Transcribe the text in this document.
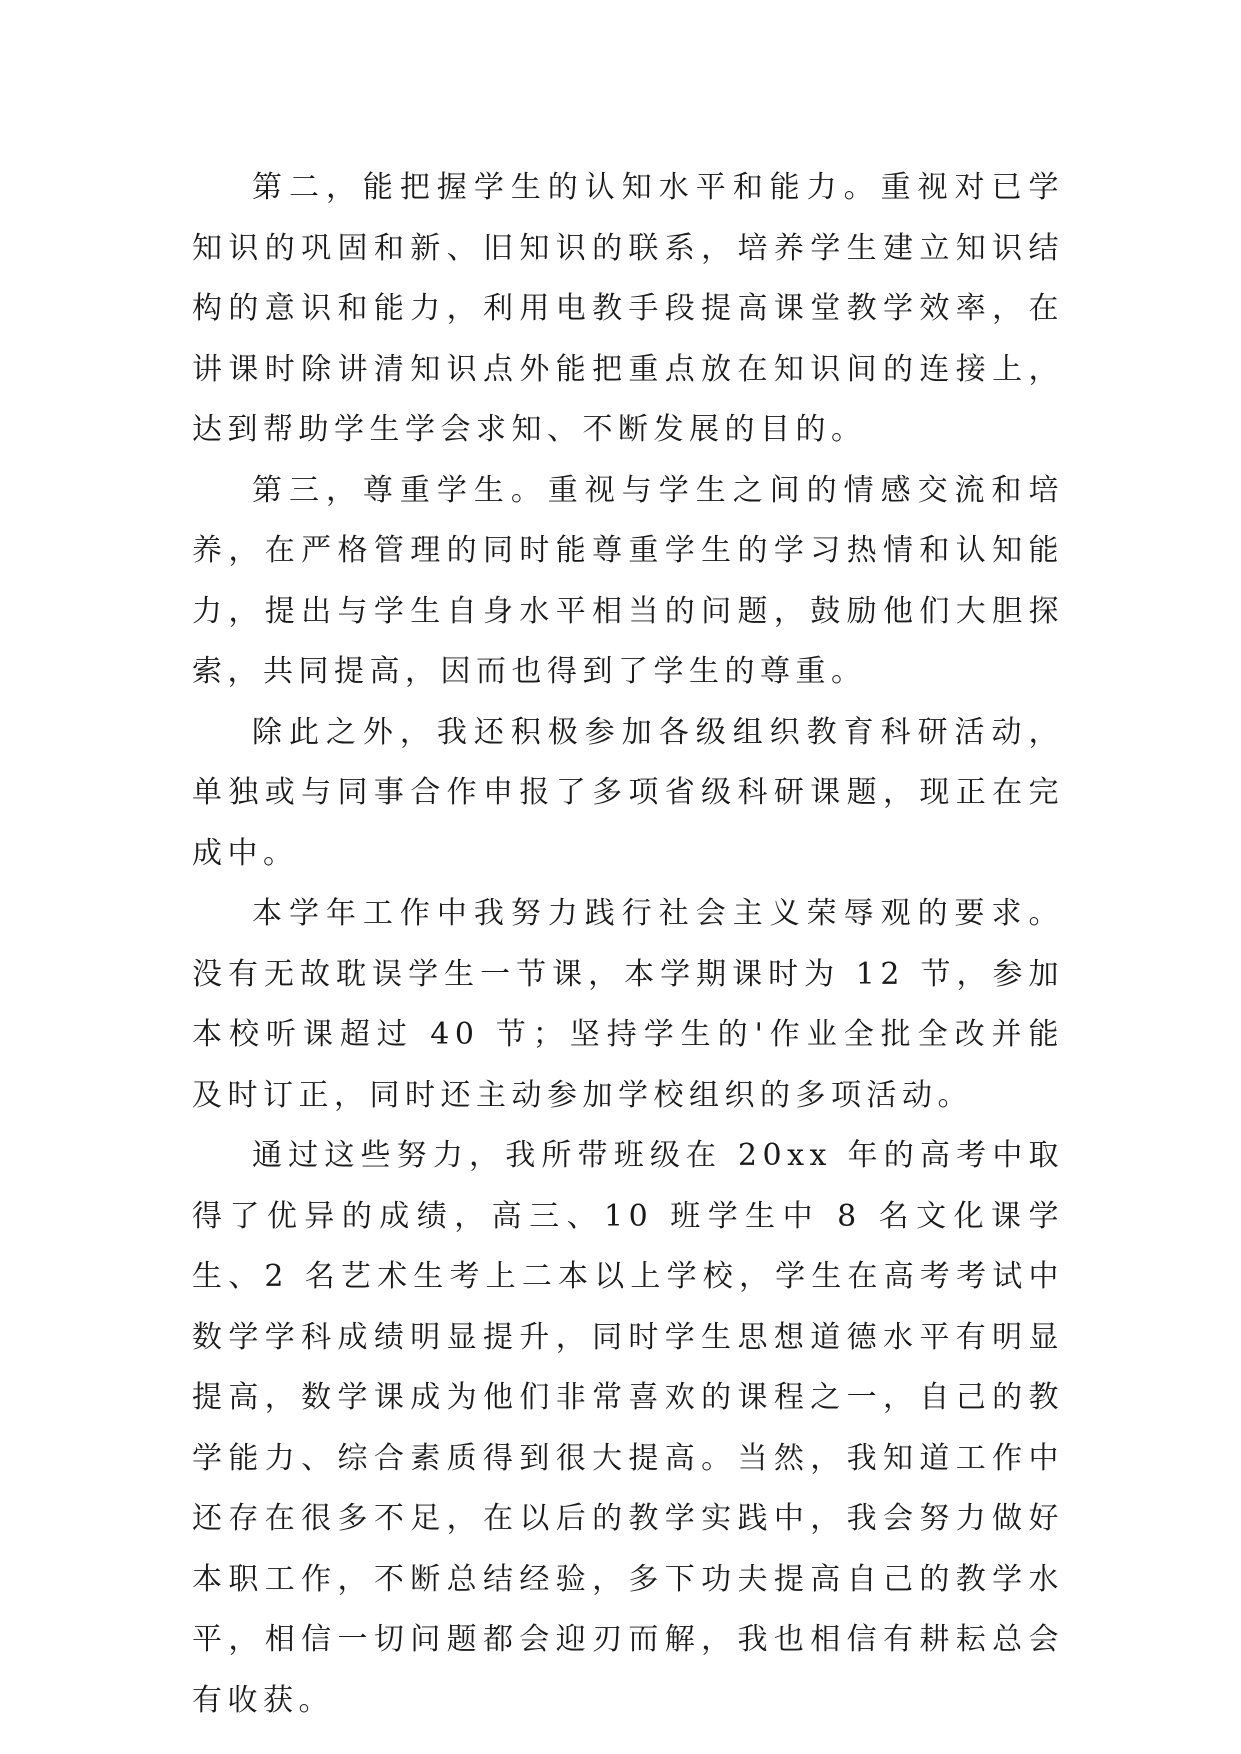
第二，能把握学生的认知水平和能力。重视对已学知识的巩固和新、旧知识的联系，培养学生建立知识结构的意识和能力，利用电教手段提高课堂教学效率，在讲课时除讲清知识点外能把重点放在知识间的连接上，达到帮助学生学会求知、不断发展的目的。

第三，尊重学生。重视与学生之间的情感交流和培养，在严格管理的同时能尊重学生的学习热情和认知能力，提出与学生自身水平相当的问题，鼓励他们大胆探索，共同提高，因而也得到了学生的尊重。

除此之外，我还积极参加各级组织教育科研活动，单独或与同事合作申报了多项省级科研课题，现正在完成中。

本学年工作中我努力践行社会主义荣辱观的要求。没有无故耽误学生一节课，本学期课时为 12 节，参加本校听课超过 40 节；坚持学生的'作业全批全改并能及时订正，同时还主动参加学校组织的多项活动。

通过这些努力，我所带班级在 20xx 年的高考中取得了优异的成绩，高三、10 班学生中 8 名文化课学生、2 名艺术生考上二本以上学校，学生在高考考试中数学学科成绩明显提升，同时学生思想道德水平有明显提高，数学课成为他们非常喜欢的课程之一，自己的教学能力、综合素质得到很大提高。当然，我知道工作中还存在很多不足，在以后的教学实践中，我会努力做好本职工作，不断总结经验，多下功夫提高自己的教学水平，相信一切问题都会迎刃而解，我也相信有耕耘总会有收获。
